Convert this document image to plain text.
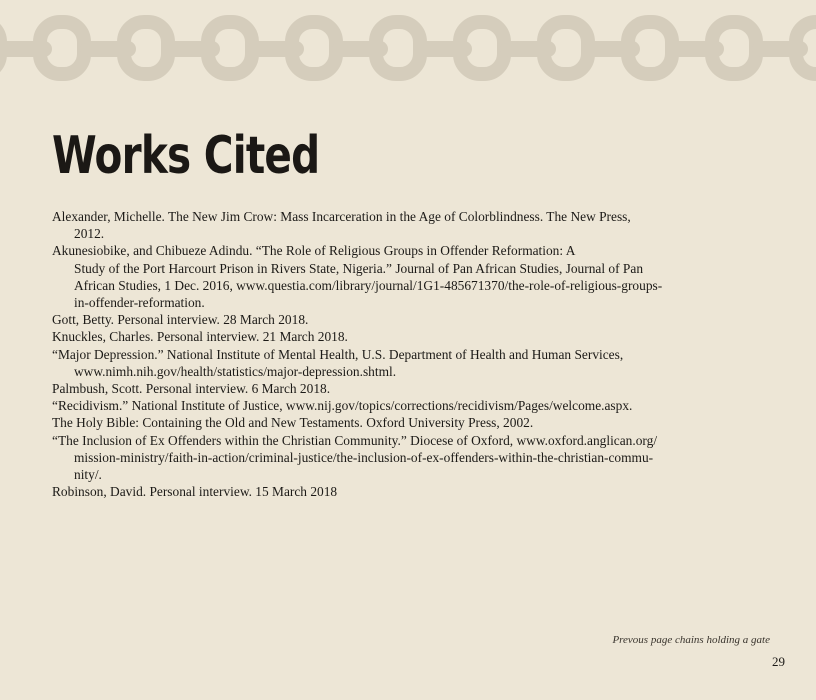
Works Cited

Alexander, Michelle. The New Jim Crow: Mass Incarceration in the Age of Colorblindness. The New Press,
2012.

Akunesiobike, and Chibueze Adindu. “The Role of Religious Groups in Offender Reformation: A
Study of the Port Harcourt Prison in Rivers State, Nigeria.” Journal of Pan African Studies, Journal of Pan
African Studies, 1 Dec. 2016, www.questia.com/library/journal/1G1-485671370/the-role-of-religious-groups-
in-offender-reformation.

Gott, Betty. Personal interview. 28 March 2018.

Knuckles, Charles. Personal interview. 21 March 2018.

“Major Depression.” National Institute of Mental Health, U.S. Department of Health and Human Services,
www.nimh.nih.gov/health/statistics/major-depression.shtml.

Palmbush, Scott. Personal interview. 6 March 2018.

“Recidivism.” National Institute of Justice, www.nij.gov/topics/corrections/recidivism/Pages/welcome.aspx.

The Holy Bible: Containing the Old and New Testaments. Oxford University Press, 2002.

“The Inclusion of Ex Offenders within the Christian Community.” Diocese of Oxford, www.oxford.anglican.org/
mission-ministry/faith-in-action/criminal-justice/the-inclusion-of-ex-offenders-within-the-christian-commu-
nity/.

Robinson, David. Personal interview. 15 March 2018

Prevous page chains holding a gate
29
